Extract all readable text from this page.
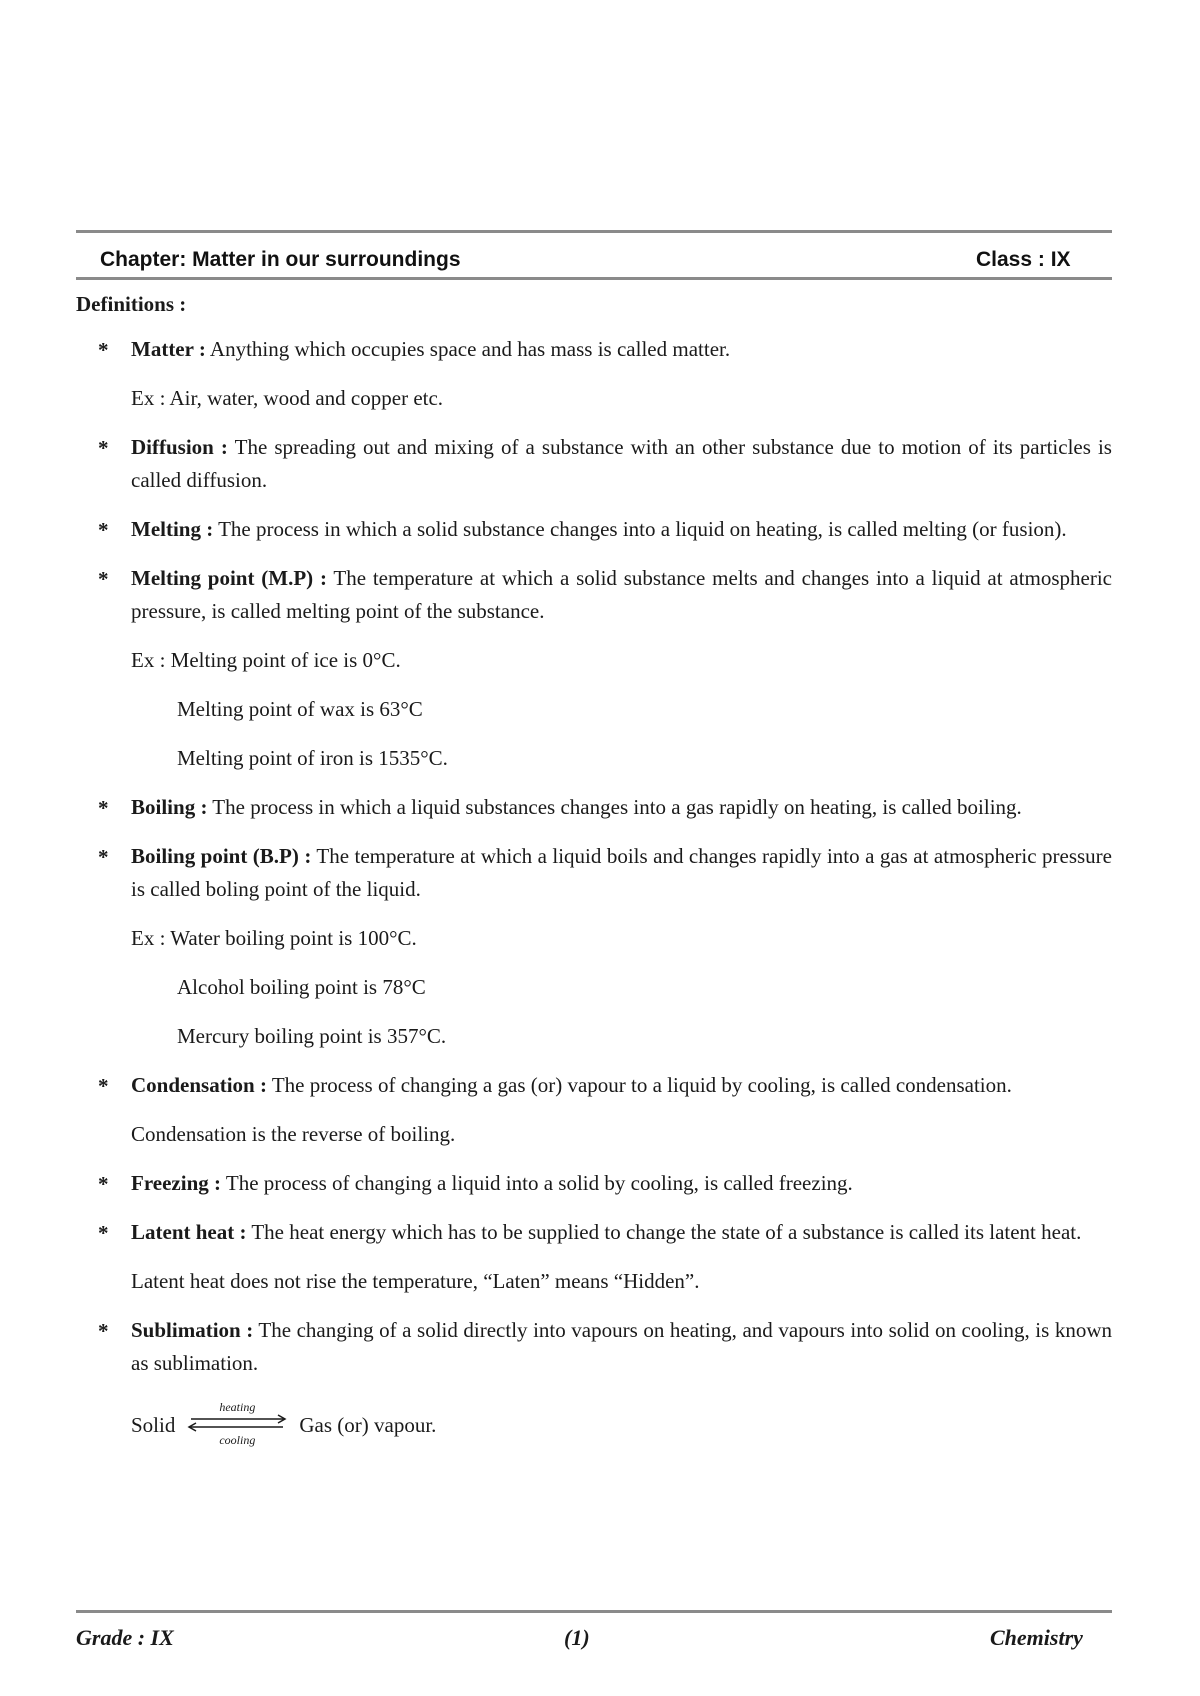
Chapter: Matter in our surroundings	Class : IX
Definitions :
* Matter : Anything which occupies space and has mass is called matter.
Ex : Air, water, wood and copper etc.
* Diffusion : The spreading out and mixing of a substance with an other substance due to motion of its particles is called diffusion.
* Melting : The process in which a solid substance changes into a liquid on heating, is called melting (or fusion).
* Melting point (M.P) : The temperature at which a solid substance melts and changes into a liquid at atmospheric pressure, is called melting point of the substance.
Ex : Melting point of ice is 0°C.
Melting point of wax is 63°C
Melting point of iron is 1535°C.
* Boiling : The process in which a liquid substances changes into a gas rapidly on heating, is called boiling.
* Boiling point (B.P) : The temperature at which a liquid boils and changes rapidly into a gas at atmospheric pressure is called boling point of the liquid.
Ex : Water boiling point is 100°C.
Alcohol boiling point is 78°C
Mercury boiling point is 357°C.
* Condensation : The process of changing a gas (or) vapour to a liquid by cooling, is called condensation.
Condensation is the reverse of boiling.
* Freezing : The process of changing a liquid into a solid by cooling, is called freezing.
* Latent heat : The heat energy which has to be supplied to change the state of a substance is called its latent heat.
Latent heat does not rise the temperature, “Laten” means “Hidden”.
* Sublimation : The changing of a solid directly into vapours on heating, and vapours into solid on cooling, is known as sublimation.
Solid
heating
cooling
Gas (or) vapour.
Grade : IX	(1)	Chemistry
